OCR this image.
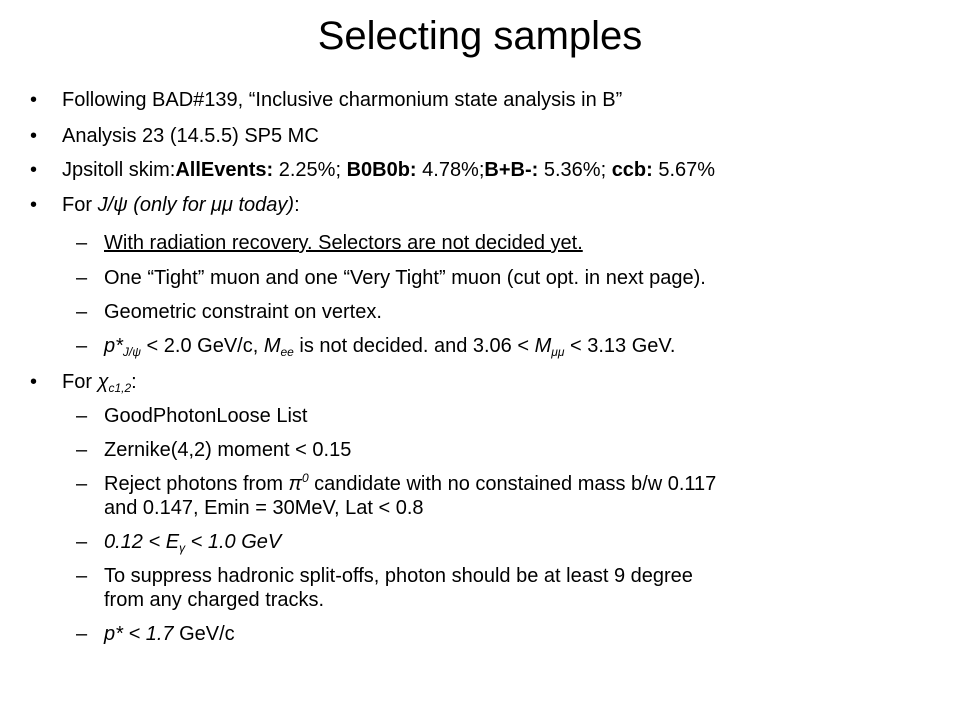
Selecting samples
• Following BAD#139, “Inclusive charmonium state analysis in B”
• Analysis 23 (14.5.5) SP5 MC
• Jpsitoll skim:AllEvents: 2.25%; B0B0b: 4.78%;B+B-: 5.36%; ccb: 5.67%
• For J/ψ (only for μμ today):
– With radiation recovery. Selectors are not decided yet.
– One “Tight” muon and one “Very Tight” muon (cut opt. in next page).
– Geometric constraint on vertex.
– $p*_{J/\psi} < 2.0$ GeV/c, $M_{ee}$ is not decided. and $3.06 < M_{\mu\mu} < 3.13$ GeV.
• For $\chi_{c1,2}$:
– GoodPhotonLoose List
– Zernike(4,2) moment < 0.15
– Reject photons from $\pi^0$ candidate with no constained mass b/w 0.117
and 0.147, Emin = 30MeV, Lat < 0.8
– $0.12 < E_\gamma < 1.0$ GeV
– To suppress hadronic split-offs, photon should be at least 9 degree
from any charged tracks.
– p* < 1.7 GeV/c
